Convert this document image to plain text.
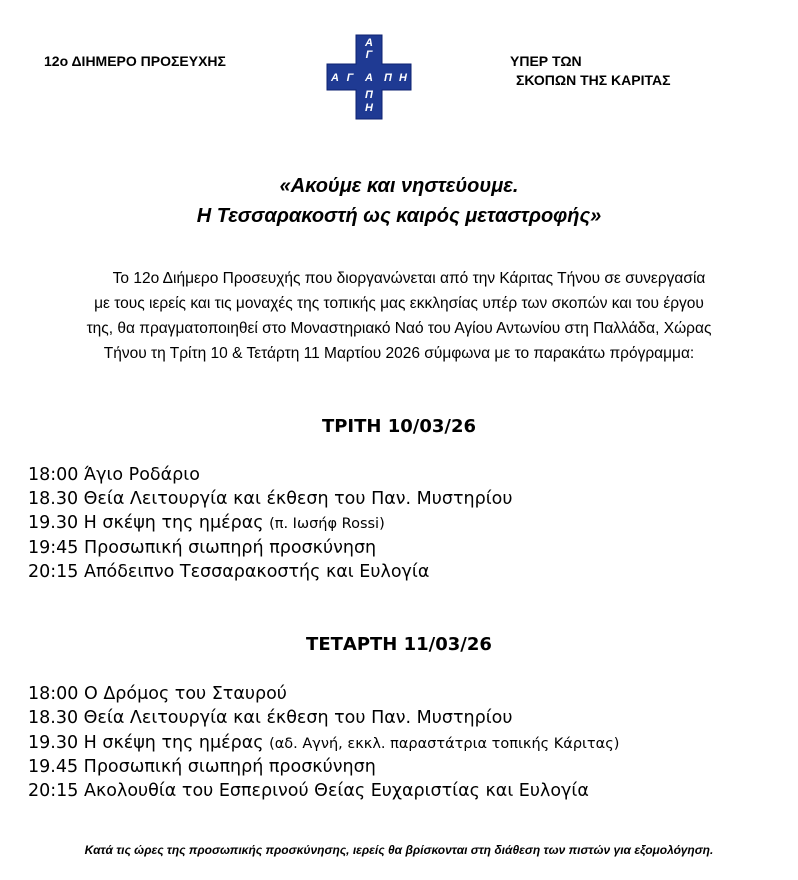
12ο ΔΙΗΜΕΡΟ ΠΡΟΣΕΥΧΗΣ	ΥΠΕΡ ΤΩΝ
ΣΚΟΠΩΝ ΤΗΣ ΚΑΡΙΤΑΣ
Α
Γ
Π
Η
Α Γ Α Π Η
«Ακούμε και νηστεύουμε.
Η Τεσσαρακοστή ως καιρός μεταστροφής»
Το 12ο Διήμερο Προσευχής που διοργανώνεται από την Κάριτας Τήνου σε συνεργασία
με τους ιερείς και τις μοναχές της τοπικής μας εκκλησίας υπέρ των σκοπών και του έργου
της, θα πραγματοποιηθεί στο Μοναστηριακό Ναό του Αγίου Αντωνίου στη Παλλάδα, Χώρας
Τήνου τη Τρίτη 10 & Τετάρτη 11 Μαρτίου 2026 σύμφωνα με το παρακάτω πρόγραμμα:
ΤΡΙΤΗ 10/03/26
18:00 Άγιο Ροδάριο
18.30 Θεία Λειτουργία και έκθεση του Παν. Μυστηρίου
19.30 Η σκέψη της ημέρας (π. Ιωσήφ Rossi)
19:45 Προσωπική σιωπηρή προσκύνηση
20:15 Απόδειπνο Τεσσαρακοστής και Ευλογία
ΤΕΤΑΡΤΗ 11/03/26
18:00 Ο Δρόμος του Σταυρού
18.30 Θεία Λειτουργία και έκθεση του Παν. Μυστηρίου
19.30 Η σκέψη της ημέρας (αδ. Αγνή, εκκλ. παραστάτρια τοπικής Κάριτας)
19.45 Προσωπική σιωπηρή προσκύνηση
20:15 Ακολουθία του Εσπερινού Θείας Ευχαριστίας και Ευλογία
Κατά τις ώρες της προσωπικής προσκύνησης, ιερείς θα βρίσκονται στη διάθεση των πιστών για εξομολόγηση.
